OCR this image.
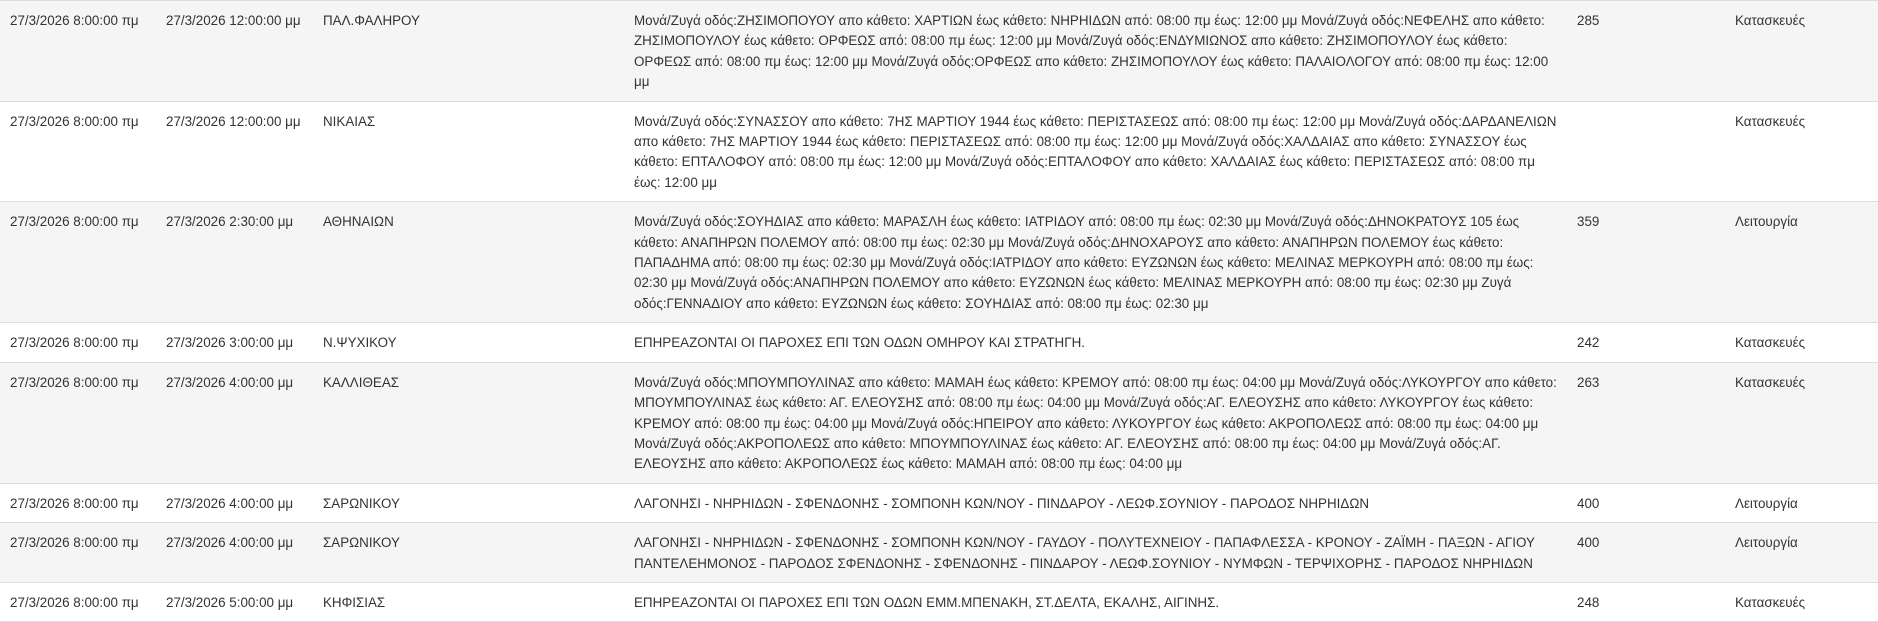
27/3/2026 8:00:00 πμ	27/3/2026 12:00:00 μμ	ΠΑΛ.ΦΑΛΗΡΟΥ	Μονά/Ζυγά οδός:ΖΗΣΙΜΟΠΟΥΟΥ απο κάθετο: ΧΑΡΤΙΩΝ έως κάθετο: ΝΗΡΗΙΔΩΝ από: 08:00 πμ έως: 12:00 μμ Μονά/Ζυγά οδός:ΝΕΦΕΛΗΣ απο κάθετο: ΖΗΣΙΜΟΠΟΥΛΟΥ έως κάθετο: ΟΡΦΕΩΣ από: 08:00 πμ έως: 12:00 μμ Μονά/Ζυγά οδός:ΕΝΔΥΜΙΩΝΟΣ απο κάθετο: ΖΗΣΙΜΟΠΟΥΛΟΥ έως κάθετο: ΟΡΦΕΩΣ από: 08:00 πμ έως: 12:00 μμ Μονά/Ζυγά οδός:ΟΡΦΕΩΣ απο κάθετο: ΖΗΣΙΜΟΠΟΥΛΟΥ έως κάθετο: ΠΑΛΑΙΟΛΟΓΟΥ από: 08:00 πμ έως: 12:00 μμ	285	Κατασκευές
27/3/2026 8:00:00 πμ	27/3/2026 12:00:00 μμ	ΝΙΚΑΙΑΣ	Μονά/Ζυγά οδός:ΣΥΝΑΣΣΟΥ απο κάθετο: 7ΗΣ ΜΑΡΤΙΟΥ 1944 έως κάθετο: ΠΕΡΙΣΤΑΣΕΩΣ από: 08:00 πμ έως: 12:00 μμ Μονά/Ζυγά οδός:ΔΑΡΔΑΝΕΛΙΩΝ απο κάθετο: 7ΗΣ ΜΑΡΤΙΟΥ 1944 έως κάθετο: ΠΕΡΙΣΤΑΣΕΩΣ από: 08:00 πμ έως: 12:00 μμ Μονά/Ζυγά οδός:ΧΑΛΔΑΙΑΣ απο κάθετο: ΣΥΝΑΣΣΟΥ έως κάθετο: ΕΠΤΑΛΟΦΟΥ από: 08:00 πμ έως: 12:00 μμ Μονά/Ζυγά οδός:ΕΠΤΑΛΟΦΟΥ απο κάθετο: ΧΑΛΔΑΙΑΣ έως κάθετο: ΠΕΡΙΣΤΑΣΕΩΣ από: 08:00 πμ έως: 12:00 μμ		Κατασκευές
27/3/2026 8:00:00 πμ	27/3/2026 2:30:00 μμ	ΑΘΗΝΑΙΩΝ	Μονά/Ζυγά οδός:ΣΟΥΗΔΙΑΣ απο κάθετο: ΜΑΡΑΣΛΗ έως κάθετο: ΙΑΤΡΙΔΟΥ από: 08:00 πμ έως: 02:30 μμ Μονά/Ζυγά οδός:ΔΗΝΟΚΡΑΤΟΥΣ 105 έως κάθετο: ΑΝΑΠΗΡΩΝ ΠΟΛΕΜΟΥ από: 08:00 πμ έως: 02:30 μμ Μονά/Ζυγά οδός:ΔΗΝΟΧΑΡΟΥΣ απο κάθετο: ΑΝΑΠΗΡΩΝ ΠΟΛΕΜΟΥ έως κάθετο: ΠΑΠΑΔΗΜΑ από: 08:00 πμ έως: 02:30 μμ Μονά/Ζυγά οδός:ΙΑΤΡΙΔΟΥ απο κάθετο: ΕΥΖΩΝΩΝ έως κάθετο: ΜΕΛΙΝΑΣ ΜΕΡΚΟΥΡΗ από: 08:00 πμ έως: 02:30 μμ Μονά/Ζυγά οδός:ΑΝΑΠΗΡΩΝ ΠΟΛΕΜΟΥ απο κάθετο: ΕΥΖΩΝΩΝ έως κάθετο: ΜΕΛΙΝΑΣ ΜΕΡΚΟΥΡΗ από: 08:00 πμ έως: 02:30 μμ Ζυγά οδός:ΓΕΝΝΑΔΙΟΥ απο κάθετο: ΕΥΖΩΝΩΝ έως κάθετο: ΣΟΥΗΔΙΑΣ από: 08:00 πμ έως: 02:30 μμ	359	Λειτουργία
27/3/2026 8:00:00 πμ	27/3/2026 3:00:00 μμ	Ν.ΨΥΧΙΚΟΥ	ΕΠΗΡΕΑΖΟΝΤΑΙ ΟΙ ΠΑΡΟΧΕΣ ΕΠΙ ΤΩΝ ΟΔΩΝ ΟΜΗΡΟΥ ΚΑΙ ΣΤΡΑΤΗΓΗ.	242	Κατασκευές
27/3/2026 8:00:00 πμ	27/3/2026 4:00:00 μμ	ΚΑΛΛΙΘΕΑΣ	Μονά/Ζυγά οδός:ΜΠΟΥΜΠΟΥΛΙΝΑΣ απο κάθετο: ΜΑΜΑΗ έως κάθετο: ΚΡΕΜΟΥ από: 08:00 πμ έως: 04:00 μμ Μονά/Ζυγά οδός:ΛΥΚΟΥΡΓΟΥ απο κάθετο: ΜΠΟΥΜΠΟΥΛΙΝΑΣ έως κάθετο: ΑΓ. ΕΛΕΟΥΣΗΣ από: 08:00 πμ έως: 04:00 μμ Μονά/Ζυγά οδός:ΑΓ. ΕΛΕΟΥΣΗΣ απο κάθετο: ΛΥΚΟΥΡΓΟΥ έως κάθετο: ΚΡΕΜΟΥ από: 08:00 πμ έως: 04:00 μμ Μονά/Ζυγά οδός:ΗΠΕΙΡΟΥ απο κάθετο: ΛΥΚΟΥΡΓΟΥ έως κάθετο: ΑΚΡΟΠΟΛΕΩΣ από: 08:00 πμ έως: 04:00 μμ Μονά/Ζυγά οδός:ΑΚΡΟΠΟΛΕΩΣ απο κάθετο: ΜΠΟΥΜΠΟΥΛΙΝΑΣ έως κάθετο: ΑΓ. ΕΛΕΟΥΣΗΣ από: 08:00 πμ έως: 04:00 μμ Μονά/Ζυγά οδός:ΑΓ. ΕΛΕΟΥΣΗΣ απο κάθετο: ΑΚΡΟΠΟΛΕΩΣ έως κάθετο: ΜΑΜΑΗ από: 08:00 πμ έως: 04:00 μμ	263	Κατασκευές
27/3/2026 8:00:00 πμ	27/3/2026 4:00:00 μμ	ΣΑΡΩΝΙΚΟΥ	ΛΑΓΟΝΗΣΙ - ΝΗΡΗΙΔΩΝ - ΣΦΕΝΔΟΝΗΣ - ΣΟΜΠΟΝΗ ΚΩΝ/ΝΟΥ - ΠΙΝΔΑΡΟΥ - ΛΕΩΦ.ΣΟΥΝΙΟΥ - ΠΑΡΟΔΟΣ ΝΗΡΗΙΔΩΝ	400	Λειτουργία
27/3/2026 8:00:00 πμ	27/3/2026 4:00:00 μμ	ΣΑΡΩΝΙΚΟΥ	ΛΑΓΟΝΗΣΙ - ΝΗΡΗΙΔΩΝ - ΣΦΕΝΔΟΝΗΣ - ΣΟΜΠΟΝΗ ΚΩΝ/ΝΟΥ - ΓΑΥΔΟΥ - ΠΟΛΥΤΕΧΝΕΙΟΥ - ΠΑΠΑΦΛΕΣΣΑ - ΚΡΟΝΟΥ - ΖΑΪΜΗ - ΠΑΞΩΝ - ΑΓΙΟΥ ΠΑΝΤΕΛΕΗΜΟΝΟΣ - ΠΑΡΟΔΟΣ ΣΦΕΝΔΟΝΗΣ - ΣΦΕΝΔΟΝΗΣ - ΠΙΝΔΑΡΟΥ - ΛΕΩΦ.ΣΟΥΝΙΟΥ - ΝΥΜΦΩΝ - ΤΕΡΨΙΧΟΡΗΣ - ΠΑΡΟΔΟΣ ΝΗΡΗΙΔΩΝ	400	Λειτουργία
27/3/2026 8:00:00 πμ	27/3/2026 5:00:00 μμ	ΚΗΦΙΣΙΑΣ	ΕΠΗΡΕΑΖΟΝΤΑΙ ΟΙ ΠΑΡΟΧΕΣ ΕΠΙ ΤΩΝ ΟΔΩΝ ΕΜΜ.ΜΠΕΝΑΚΗ, ΣΤ.ΔΕΛΤΑ, ΕΚΑΛΗΣ, ΑΙΓΙΝΗΣ.	248	Κατασκευές
